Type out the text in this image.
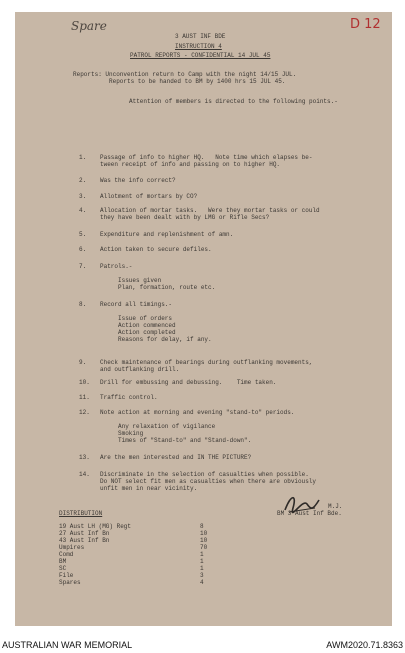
Spare	D 12
3 AUST INF BDE
INSTRUCTION 4
PATROL REPORTS - CONFIDENTIAL 14 JUL 45
Reports: Unconvention return to Camp with the night 14/15 JUL.
Reports to be handed to BM by 1400 hrs 15 JUL 45.
Attention of members is directed to the following points.-
1. Passage of info to higher HQ.   Note time which elapses be-
tween receipt of info and passing on to higher HQ.
2. Was the info correct?
3. Allotment of mortars by CO?
4. Allocation of mortar tasks.   Were they mortar tasks or could
they have been dealt with by LMG or Rifle Secs?
5. Expenditure and replenishment of amn.
6. Action taken to secure defiles.
7. Patrols.-
Issues given
Plan, formation, route etc.
8. Record all timings.-
Issue of orders
Action commenced
Action completed
Reasons for delay, if any.
9. Check maintenance of bearings during outflanking movements,
and outflanking drill.
10. Drill for embussing and debussing.    Time taken.
11. Traffic control.
12. Note action at morning and evening "stand-to" periods.
Any relaxation of vigilance
Smoking
Times of "Stand-to" and "Stand-down".
13. Are the men interested and IN THE PICTURE?
14. Discriminate in the selection of casualties when possible.
Do NOT select fit men as casualties when there are obviously
unfit men in near vicinity.
M.J.
BM 3 Aust Inf Bde.
DISTRIBUTION
19 Aust LH (MG) Regt	8
27 Aust Inf Bn	10
43 Aust Inf Bn	10
Umpires	70
Comd	1
BM	1
SC	1
File	3
Spares	4
AUSTRALIAN WAR MEMORIAL	AWM2020.71.8363
